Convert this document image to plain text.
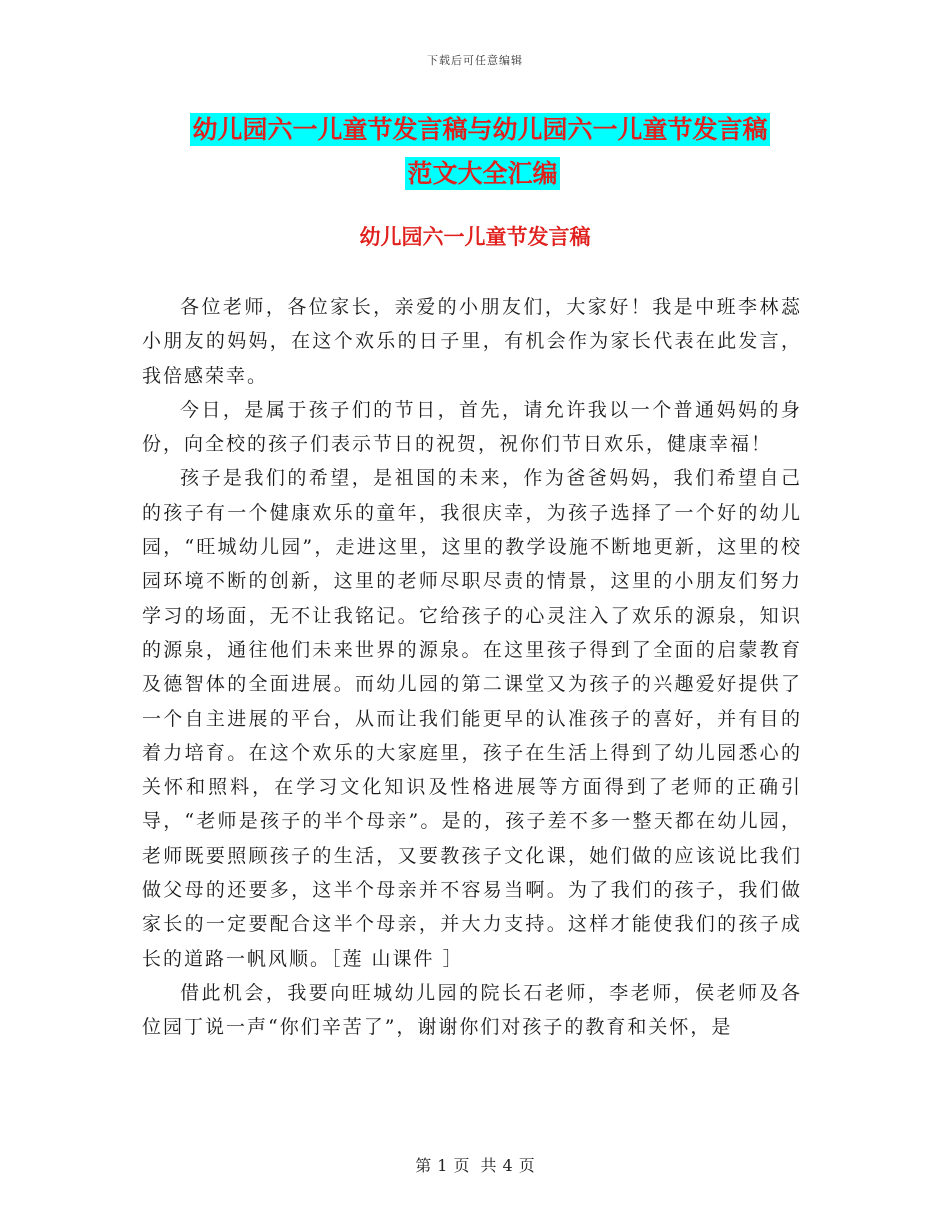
下载后可任意编辑
幼儿园六一儿童节发言稿与幼儿园六一儿童节发言稿
范文大全汇编
幼儿园六一儿童节发言稿

各位老师，各位家长，亲爱的小朋友们，大家好！我是中班李林蕊小朋友的妈妈，在这个欢乐的日子里，有机会作为家长代表在此发言，我倍感荣幸。

今日，是属于孩子们的节日，首先，请允许我以一个普通妈妈的身份，向全校的孩子们表示节日的祝贺，祝你们节日欢乐，健康幸福！

孩子是我们的希望，是祖国的未来，作为爸爸妈妈，我们希望自己的孩子有一个健康欢乐的童年，我很庆幸，为孩子选择了一个好的幼儿园，“旺城幼儿园”，走进这里，这里的教学设施不断地更新，这里的校园环境不断的创新，这里的老师尽职尽责的情景，这里的小朋友们努力学习的场面，无不让我铭记。它给孩子的心灵注入了欢乐的源泉，知识的源泉，通往他们未来世界的源泉。在这里孩子得到了全面的启蒙教育及德智体的全面进展。而幼儿园的第二课堂又为孩子的兴趣爱好提供了一个自主进展的平台，从而让我们能更早的认准孩子的喜好，并有目的着力培育。在这个欢乐的大家庭里，孩子在生活上得到了幼儿园悉心的关怀和照料，在学习文化知识及性格进展等方面得到了老师的正确引导，“老师是孩子的半个母亲”。是的，孩子差不多一整天都在幼儿园，老师既要照顾孩子的生活，又要教孩子文化课，她们做的应该说比我们做父母的还要多，这半个母亲并不容易当啊。为了我们的孩子，我们做家长的一定要配合这半个母亲，并大力支持。这样才能使我们的孩子成长的道路一帆风顺。［莲 山课件 ］

借此机会，我要向旺城幼儿园的院长石老师，李老师，侯老师及各位园丁说一声“你们辛苦了”，谢谢你们对孩子的教育和关怀，是

第 1 页 共 4 页
